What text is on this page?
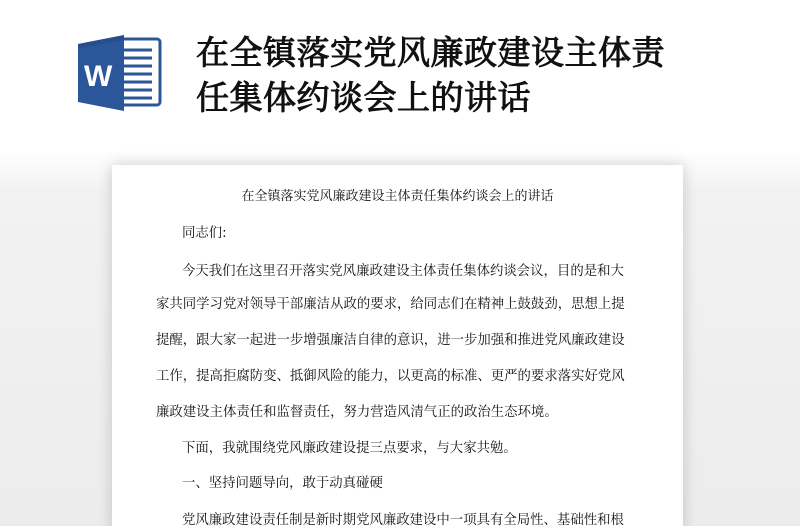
W
在全镇落实党风廉政建设主体责
任集体约谈会上的讲话
在全镇落实党风廉政建设主体责任集体约谈会上的讲话
同志们:
今天我们在这里召开落实党风廉政建设主体责任集体约谈会议，目的是和大
家共同学习党对领导干部廉洁从政的要求，给同志们在精神上鼓鼓劲，思想上提
提醒，跟大家一起进一步增强廉洁自律的意识，进一步加强和推进党风廉政建设
工作，提高拒腐防变、抵御风险的能力，以更高的标准、更严的要求落实好党风
廉政建设主体责任和监督责任，努力营造风清气正的政治生态环境。
下面，我就围绕党风廉政建设提三点要求，与大家共勉。
一、坚持问题导向，敢于动真碰硬
党风廉政建设责任制是新时期党风廉政建设中一项具有全局性、基础性和根
